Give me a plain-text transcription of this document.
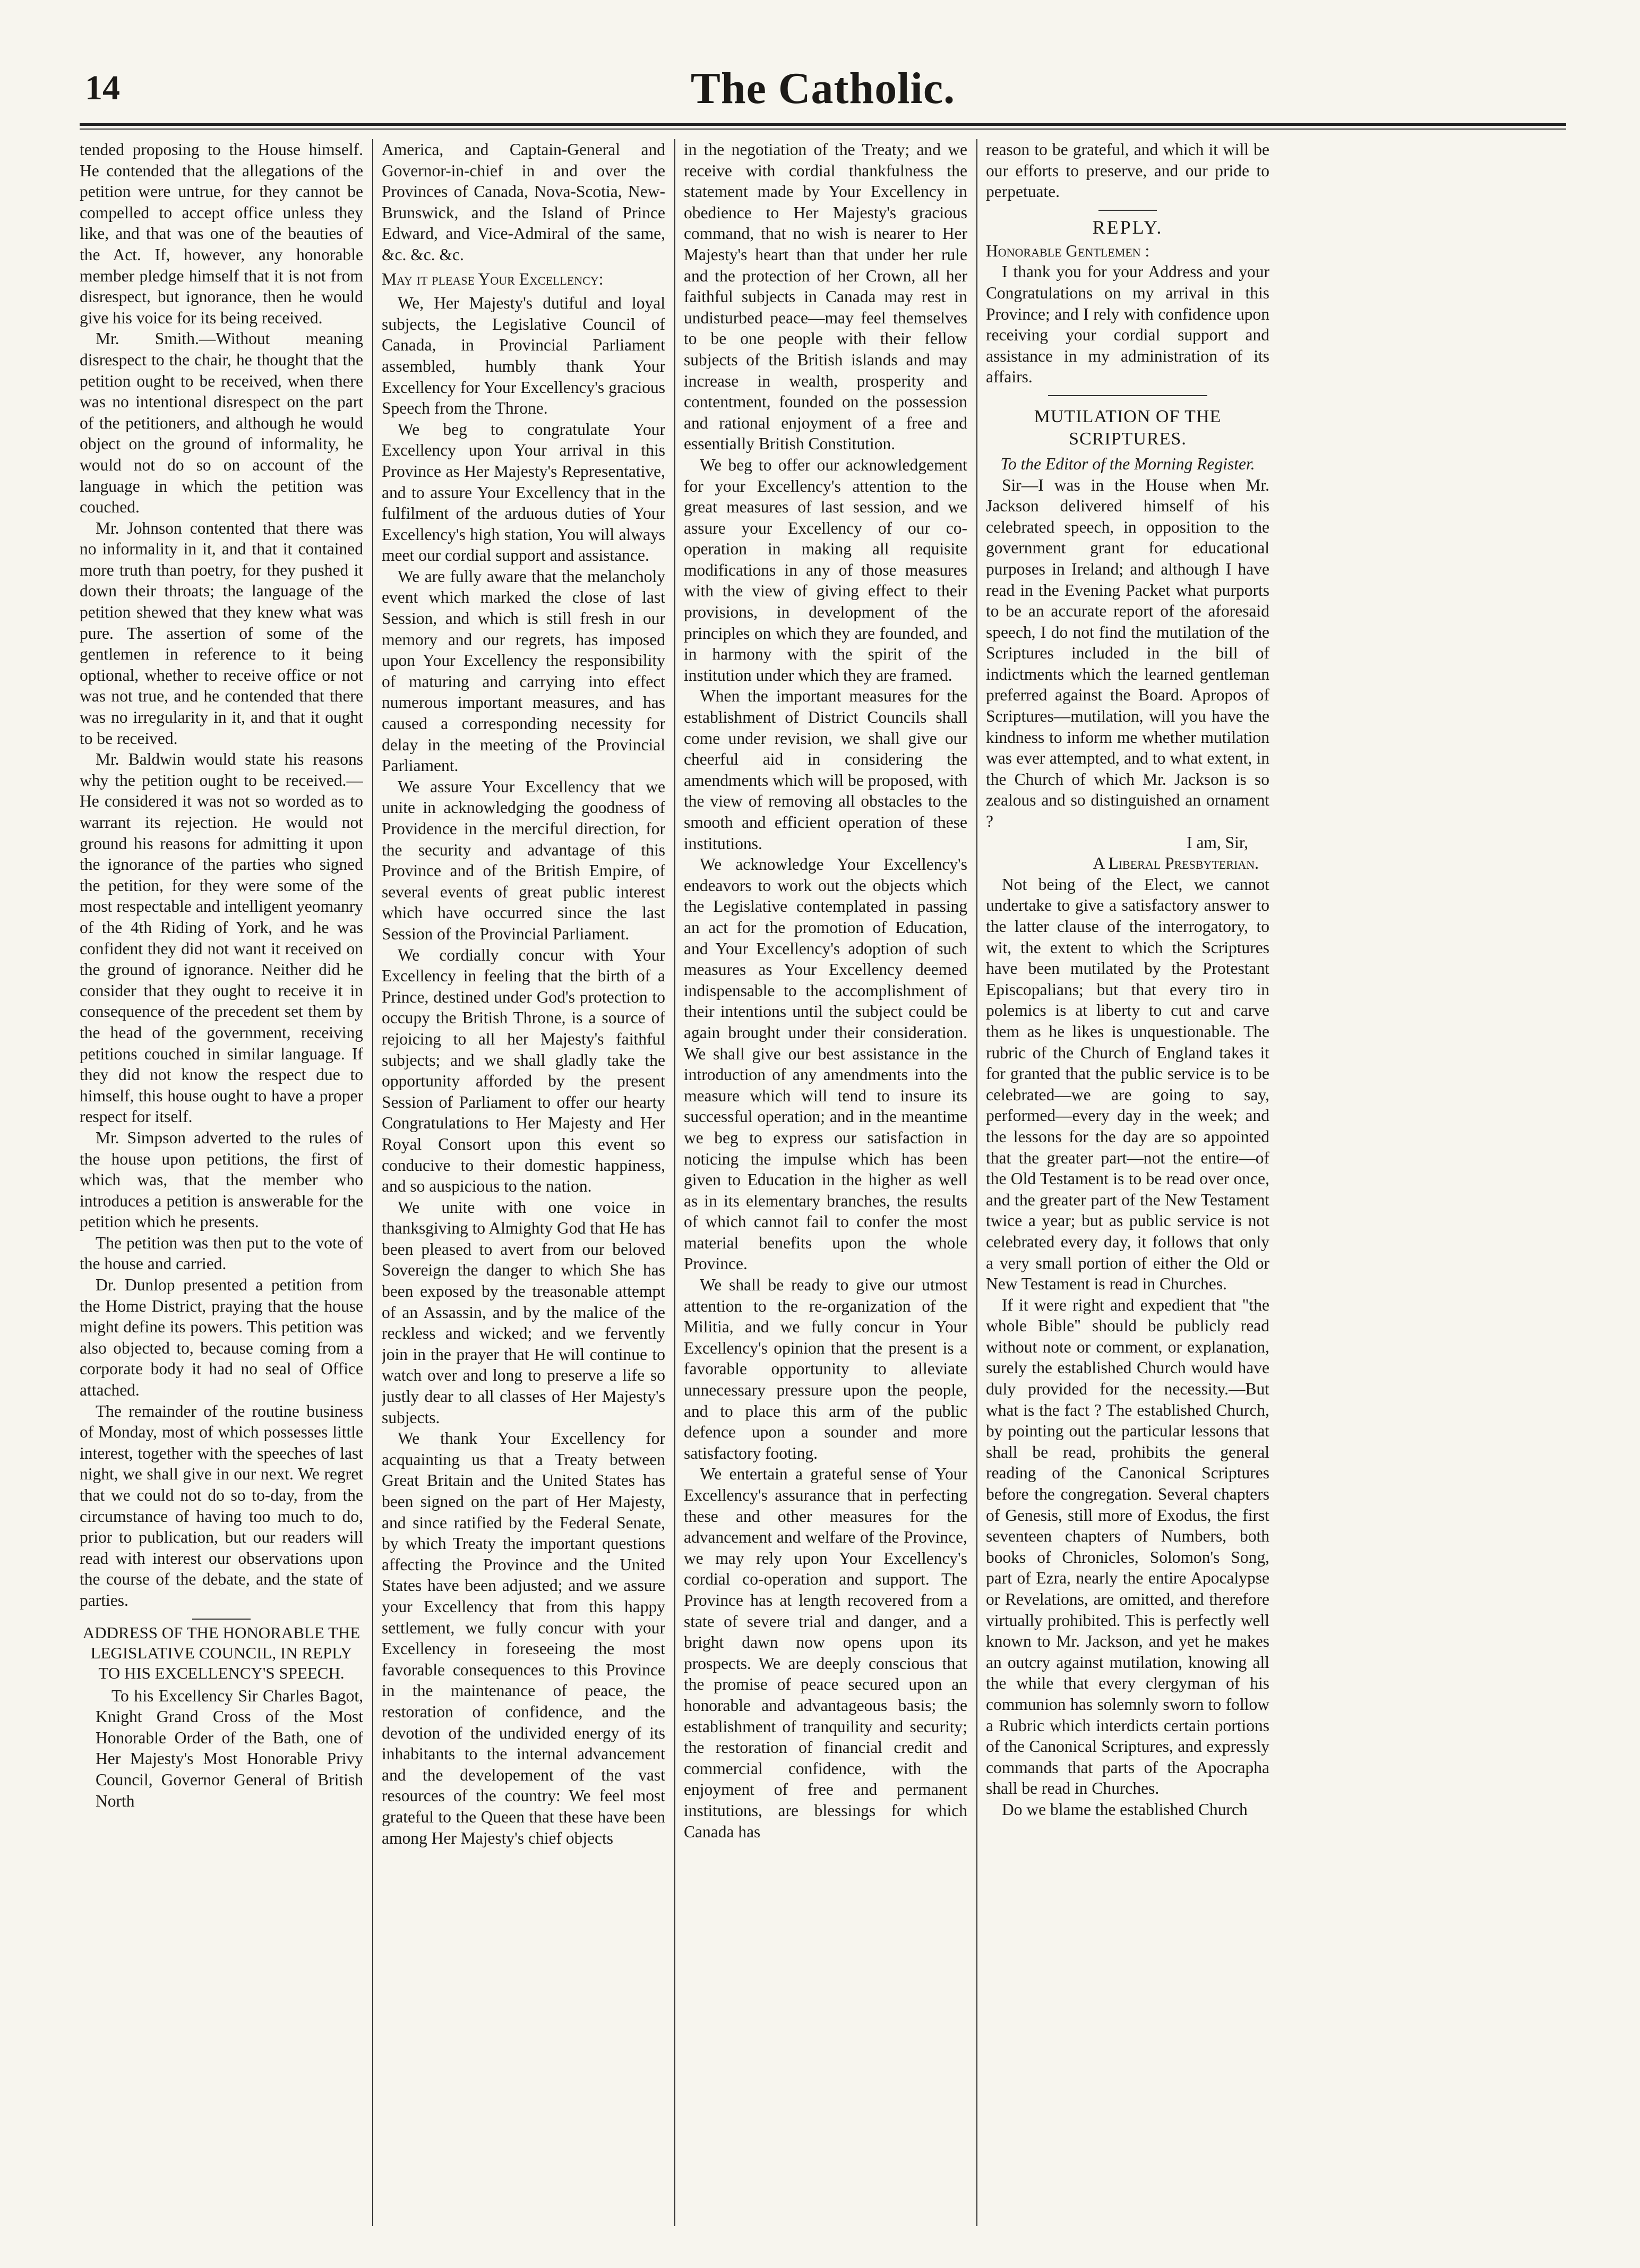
14	The Catholic.

tended proposing to the House himself. He contended that the allegations of the petition were untrue, for they cannot be compelled to accept office unless they like, and that was one of the beauties of the Act. If, however, any honorable member pledge himself that it is not from disrespect, but ignorance, then he would give his voice for its being received.

Mr. Smith.—Without meaning disrespect to the chair, he thought that the petition ought to be received, when there was no intentional disrespect on the part of the petitioners, and although he would object on the ground of informality, he would not do so on account of the language in which the petition was couched.

Mr. Johnson contented that there was no informality in it, and that it contained more truth than poetry, for they pushed it down their throats; the language of the petition shewed that they knew what was pure. The assertion of some of the gentlemen in reference to it being optional, whether to receive office or not was not true, and he contended that there was no irregularity in it, and that it ought to be received.

Mr. Baldwin would state his reasons why the petition ought to be received.—He considered it was not so worded as to warrant its rejection. He would not ground his reasons for admitting it upon the ignorance of the parties who signed the petition, for they were some of the most respectable and intelligent yeomanry of the 4th Riding of York, and he was confident they did not want it received on the ground of ignorance. Neither did he consider that they ought to receive it in consequence of the precedent set them by the head of the government, receiving petitions couched in similar language. If they did not know the respect due to himself, this house ought to have a proper respect for itself.

Mr. Simpson adverted to the rules of the house upon petitions, the first of which was, that the member who introduces a petition is answerable for the petition which he presents.

The petition was then put to the vote of the house and carried.

Dr. Dunlop presented a petition from the Home District, praying that the house might define its powers. This petition was also objected to, because coming from a corporate body it had no seal of Office attached.

The remainder of the routine business of Monday, most of which possesses little interest, together with the speeches of last night, we shall give in our next. We regret that we could not do so to-day, from the circumstance of having too much to do, prior to publication, but our readers will read with interest our observations upon the course of the debate, and the state of parties.

ADDRESS OF THE HONORABLE THE LEGISLATIVE COUNCIL, IN REPLY TO HIS EXCELLENCY'S SPEECH.

To his Excellency Sir Charles Bagot, Knight Grand Cross of the Most Honorable Order of the Bath, one of Her Majesty's Most Honorable Privy Council, Governor General of British North

America, and Captain-General and Governor-in-chief in and over the Provinces of Canada, Nova-Scotia, New-Brunswick, and the Island of Prince Edward, and Vice-Admiral of the same, &c. &c. &c.

May it please Your Excellency:

We, Her Majesty's dutiful and loyal subjects, the Legislative Council of Canada, in Provincial Parliament assembled, humbly thank Your Excellency for Your Excellency's gracious Speech from the Throne.

We beg to congratulate Your Excellency upon Your arrival in this Province as Her Majesty's Representative, and to assure Your Excellency that in the fulfilment of the arduous duties of Your Excellency's high station, You will always meet our cordial support and assistance.

We are fully aware that the melancholy event which marked the close of last Session, and which is still fresh in our memory and our regrets, has imposed upon Your Excellency the responsibility of maturing and carrying into effect numerous important measures, and has caused a corresponding necessity for delay in the meeting of the Provincial Parliament.

We assure Your Excellency that we unite in acknowledging the goodness of Providence in the merciful direction, for the security and advantage of this Province and of the British Empire, of several events of great public interest which have occurred since the last Session of the Provincial Parliament.

We cordially concur with Your Excellency in feeling that the birth of a Prince, destined under God's protection to occupy the British Throne, is a source of rejoicing to all her Majesty's faithful subjects; and we shall gladly take the opportunity afforded by the present Session of Parliament to offer our hearty Congratulations to Her Majesty and Her Royal Consort upon this event so conducive to their domestic happiness, and so auspicious to the nation.

We unite with one voice in thanksgiving to Almighty God that He has been pleased to avert from our beloved Sovereign the danger to which She has been exposed by the treasonable attempt of an Assassin, and by the malice of the reckless and wicked; and we fervently join in the prayer that He will continue to watch over and long to preserve a life so justly dear to all classes of Her Majesty's subjects.

We thank Your Excellency for acquainting us that a Treaty between Great Britain and the United States has been signed on the part of Her Majesty, and since ratified by the Federal Senate, by which Treaty the important questions affecting the Province and the United States have been adjusted; and we assure your Excellency that from this happy settlement, we fully concur with your Excellency in foreseeing the most favorable consequences to this Province in the maintenance of peace, the restoration of confidence, and the devotion of the undivided energy of its inhabitants to the internal advancement and the developement of the vast resources of the country: We feel most grateful to the Queen that these have been among Her Majesty's chief objects

in the negotiation of the Treaty; and we receive with cordial thankfulness the statement made by Your Excellency in obedience to Her Majesty's gracious command, that no wish is nearer to Her Majesty's heart than that under her rule and the protection of her Crown, all her faithful subjects in Canada may rest in undisturbed peace—may feel themselves to be one people with their fellow subjects of the British islands and may increase in wealth, prosperity and contentment, founded on the possession and rational enjoyment of a free and essentially British Constitution.

We beg to offer our acknowledgement for your Excellency's attention to the great measures of last session, and we assure your Excellency of our co-operation in making all requisite modifications in any of those measures with the view of giving effect to their provisions, in development of the principles on which they are founded, and in harmony with the spirit of the institution under which they are framed.

When the important measures for the establishment of District Councils shall come under revision, we shall give our cheerful aid in considering the amendments which will be proposed, with the view of removing all obstacles to the smooth and efficient operation of these institutions.

We acknowledge Your Excellency's endeavors to work out the objects which the Legislative contemplated in passing an act for the promotion of Education, and Your Excellency's adoption of such measures as Your Excellency deemed indispensable to the accomplishment of their intentions until the subject could be again brought under their consideration. We shall give our best assistance in the introduction of any amendments into the measure which will tend to insure its successful operation; and in the meantime we beg to express our satisfaction in noticing the impulse which has been given to Education in the higher as well as in its elementary branches, the results of which cannot fail to confer the most material benefits upon the whole Province.

We shall be ready to give our utmost attention to the re-organization of the Militia, and we fully concur in Your Excellency's opinion that the present is a favorable opportunity to alleviate unnecessary pressure upon the people, and to place this arm of the public defence upon a sounder and more satisfactory footing.

We entertain a grateful sense of Your Excellency's assurance that in perfecting these and other measures for the advancement and welfare of the Province, we may rely upon Your Excellency's cordial co-operation and support. The Province has at length recovered from a state of severe trial and danger, and a bright dawn now opens upon its prospects. We are deeply conscious that the promise of peace secured upon an honorable and advantageous basis; the establishment of tranquility and security; the restoration of financial credit and commercial confidence, with the enjoyment of free and permanent institutions, are blessings for which Canada has

reason to be grateful, and which it will be our efforts to preserve, and our pride to perpetuate.

REPLY.

Honorable Gentlemen :

I thank you for your Address and your Congratulations on my arrival in this Province; and I rely with confidence upon receiving your cordial support and assistance in my administration of its affairs.

MUTILATION OF THE SCRIPTURES.

To the Editor of the Morning Register.

Sir—I was in the House when Mr. Jackson delivered himself of his celebrated speech, in opposition to the government grant for educational purposes in Ireland; and although I have read in the Evening Packet what purports to be an accurate report of the aforesaid speech, I do not find the mutilation of the Scriptures included in the bill of indictments which the learned gentleman preferred against the Board. Apropos of Scriptures—mutilation, will you have the kindness to inform me whether mutilation was ever attempted, and to what extent, in the Church of which Mr. Jackson is so zealous and so distinguished an ornament ?

I am, Sir,

A Liberal Presbyterian.

Not being of the Elect, we cannot undertake to give a satisfactory answer to the latter clause of the interrogatory, to wit, the extent to which the Scriptures have been mutilated by the Protestant Episcopalians; but that every tiro in polemics is at liberty to cut and carve them as he likes is unquestionable. The rubric of the Church of England takes it for granted that the public service is to be celebrated—we are going to say, performed—every day in the week; and the lessons for the day are so appointed that the greater part—not the entire—of the Old Testament is to be read over once, and the greater part of the New Testament twice a year; but as public service is not celebrated every day, it follows that only a very small portion of either the Old or New Testament is read in Churches.

If it were right and expedient that "the whole Bible" should be publicly read without note or comment, or explanation, surely the established Church would have duly provided for the necessity.—But what is the fact ? The established Church, by pointing out the particular lessons that shall be read, prohibits the general reading of the Canonical Scriptures before the congregation. Several chapters of Genesis, still more of Exodus, the first seventeen chapters of Numbers, both books of Chronicles, Solomon's Song, part of Ezra, nearly the entire Apocalypse or Revelations, are omitted, and therefore virtually prohibited. This is perfectly well known to Mr. Jackson, and yet he makes an outcry against mutilation, knowing all the while that every clergyman of his communion has solemnly sworn to follow a Rubric which interdicts certain portions of the Canonical Scriptures, and expressly commands that parts of the Apocrapha shall be read in Churches.

Do we blame the established Church
